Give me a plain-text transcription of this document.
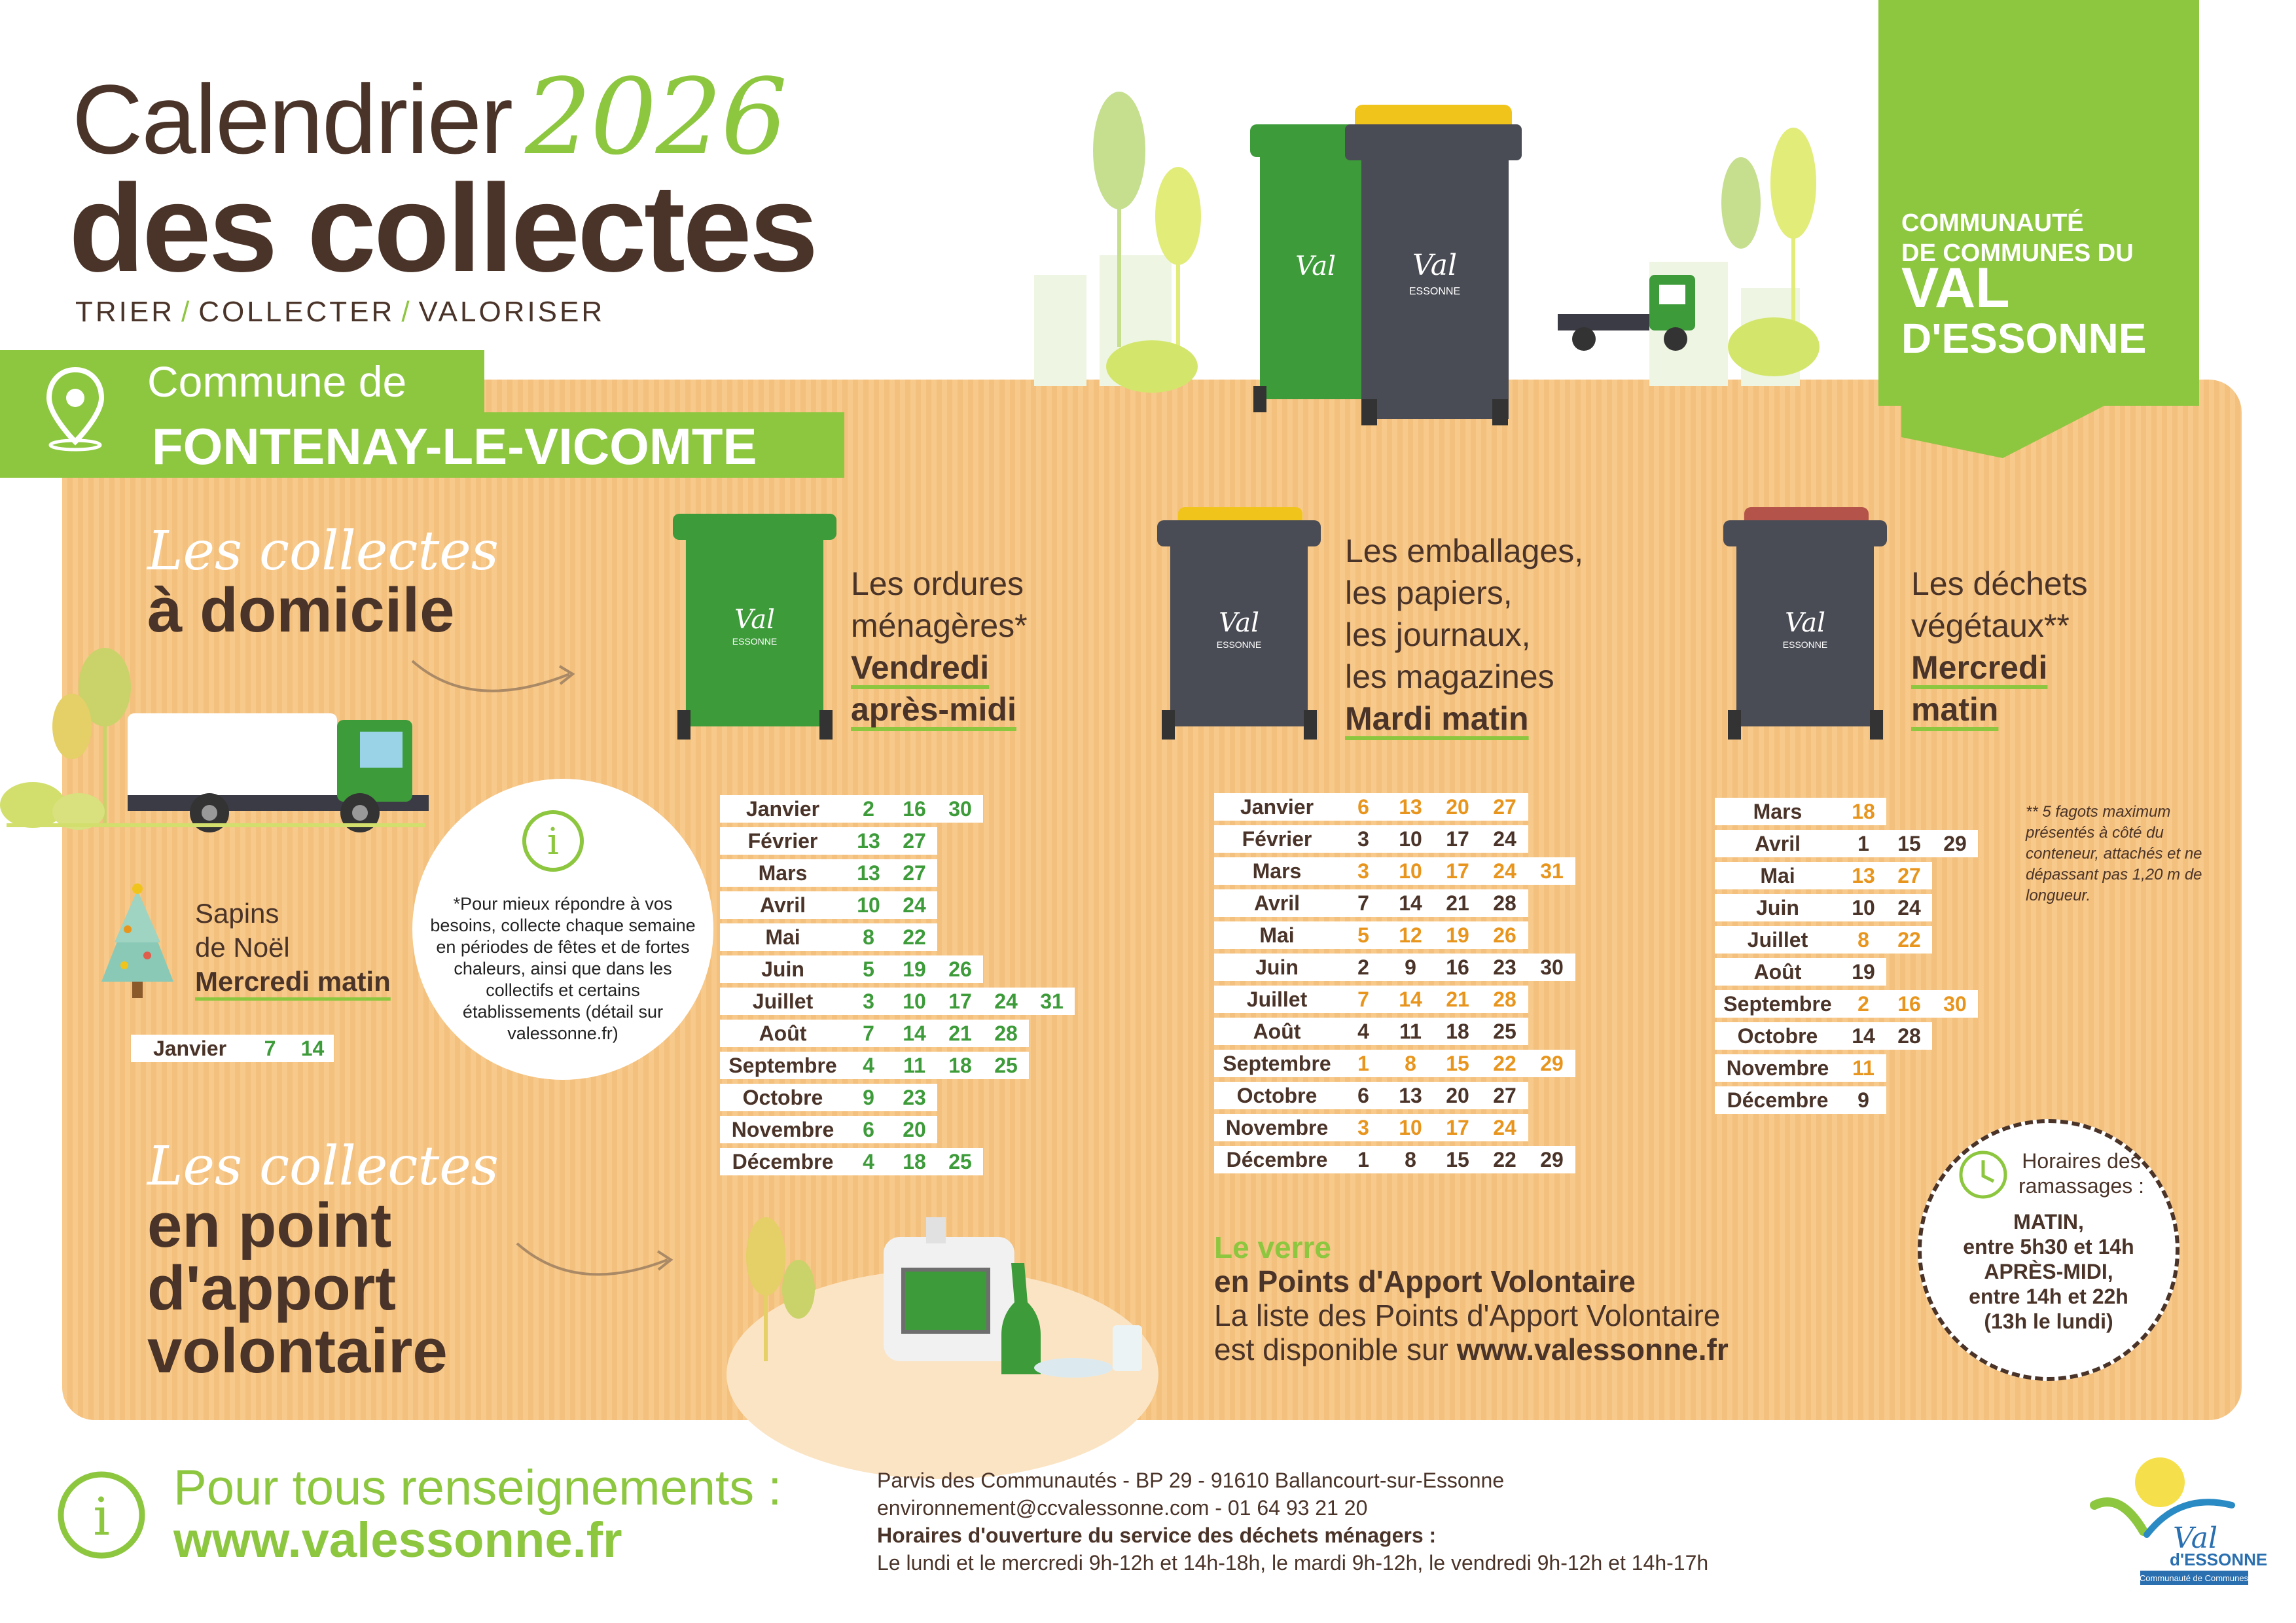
Calendrier 2026
des collectes
TRIER / COLLECTER / VALORISER
Val
ESSONNE
Val
Commune de
FONTENAY-LE-VICOMTE
COMMUNAUTÉ
DE COMMUNES DU
VAL
D'ESSONNE
Les collectes
à domicile	Val
ESSONNE
Les ordures
ménagères*
Vendredi
après-midi
Val
ESSONNE
Les emballages,
les papiers,
les journaux,
les magazines
Mardi matin
Val
ESSONNE
Les déchets
végétaux**
Mercredi
matin
Janvier	2	16	30		
Février	13	27			
Mars	13	27			
Avril	10	24			
Mai	8	22			
Juin	5	19	26		
Juillet	3	10	17	24	31
Août	7	14	21	28	
Septembre	4	11	18	25	
Octobre	9	23			
Novembre	6	20			
Décembre	4	18	25		
Janvier	6	13	20	27	
Février	3	10	17	24	
Mars	3	10	17	24	31
Avril	7	14	21	28	
Mai	5	12	19	26	
Juin	2	9	16	23	30
Juillet	7	14	21	28	
Août	4	11	18	25	
Septembre	1	8	15	22	29
Octobre	6	13	20	27	
Novembre	3	10	17	24	
Décembre	1	8	15	22	29
Mars	18		
Avril	1	15	29
Mai	13	27	
Juin	10	24	
Juillet	8	22	
Août	19		
Septembre	2	16	30
Octobre	14	28	
Novembre	11		
Décembre	9		
** 5 fagots maximum présentés à côté du conteneur, attachés et ne dépassant pas 1,20 m de longueur.
Sapins
de Noël
Mercredi matin
Janvier	7	14
i
*Pour mieux répondre à vos besoins, collecte chaque semaine en périodes de fêtes et de fortes chaleurs, ainsi que dans les collectifs et certains établissements (détail sur valessonne.fr)
Les collectes
en point
d'apport
volontaire
Le verre
en Points d'Apport Volontaire
La liste des Points d'Apport Volontaire
est disponible sur www.valessonne.fr
Horaires des
ramassages :
MATIN,
entre 5h30 et 14h
APRÈS-MIDI,
entre 14h et 22h
(13h le lundi)
i Pour tous renseignements :
www.valessonne.fr
Parvis des Communautés - BP 29 - 91610 Ballancourt-sur-Essonne
environnement@ccvalessonne.com - 01 64 93 21 20
Horaires d'ouverture du service des déchets ménagers :
Le lundi et le mercredi 9h-12h et 14h-18h, le mardi 9h-12h, le vendredi 9h-12h et 14h-17h
Val
d'ESSONNE
Communauté de Communes
